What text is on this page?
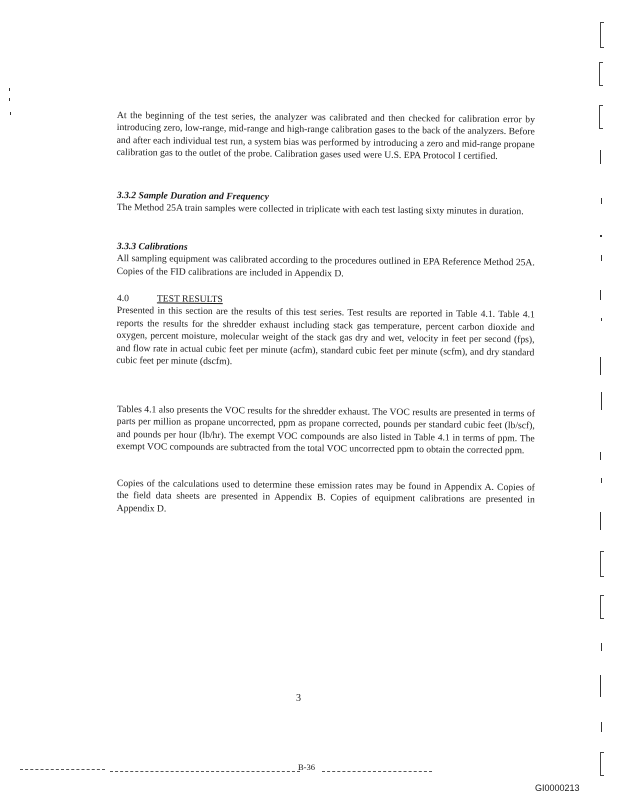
At the beginning of the test series, the analyzer was calibrated and then checked for calibration error by introducing zero, low-range, mid-range and high-range calibration gases to the back of the analyzers. Before and after each individual test run, a system bias was performed by introducing a zero and mid-range propane calibration gas to the outlet of the probe. Calibration gases used were U.S. EPA Protocol I certified.

3.3.2 Sample Duration and Frequency

The Method 25A train samples were collected in triplicate with each test lasting sixty minutes in duration.

3.3.3 Calibrations

All sampling equipment was calibrated according to the procedures outlined in EPA Reference Method 25A. Copies of the FID calibrations are included in Appendix D.

4.0	TEST RESULTS

Presented in this section are the results of this test series. Test results are reported in Table 4.1. Table 4.1 reports the results for the shredder exhaust including stack gas temperature, percent carbon dioxide and oxygen, percent moisture, molecular weight of the stack gas dry and wet, velocity in feet per second (fps), and flow rate in actual cubic feet per minute (acfm), standard cubic feet per minute (scfm), and dry standard cubic feet per minute (dscfm).

Tables 4.1 also presents the VOC results for the shredder exhaust. The VOC results are presented in terms of parts per million as propane uncorrected, ppm as propane corrected, pounds per standard cubic feet (lb/scf), and pounds per hour (lb/hr). The exempt VOC compounds are also listed in Table 4.1 in terms of ppm. The exempt VOC compounds are subtracted from the total VOC uncorrected ppm to obtain the corrected ppm.

Copies of the calculations used to determine these emission rates may be found in Appendix A. Copies of the field data sheets are presented in Appendix B. Copies of equipment calibrations are presented in Appendix D.

3
B-36
GI0000213
